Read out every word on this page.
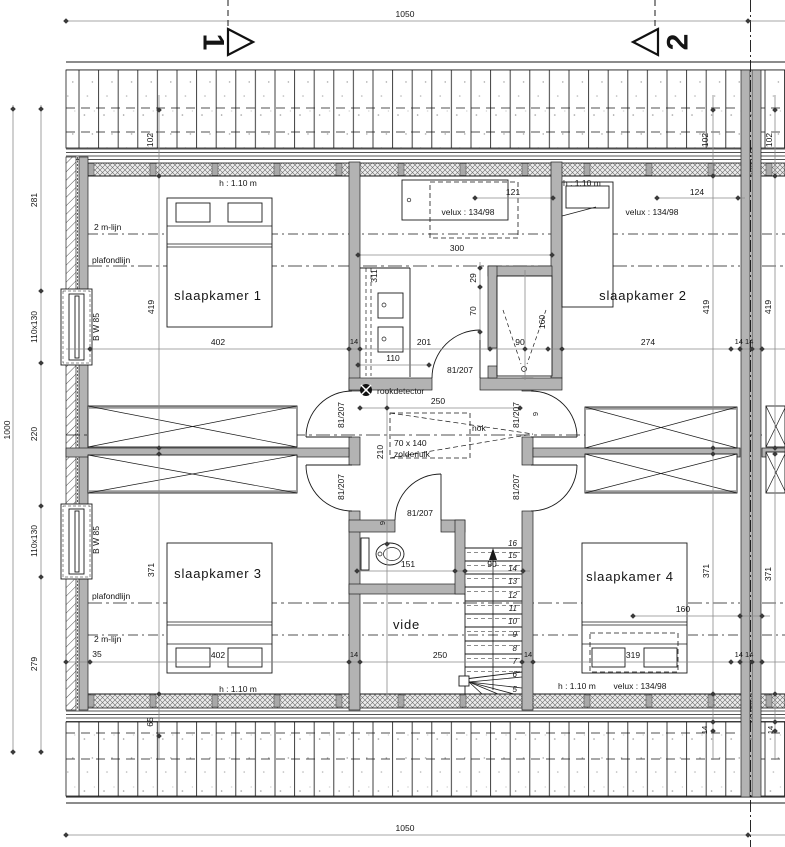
1	2
1050
1050
1000
281
110x130
220
110x130
279
102	102	102
65
14	14
h : 1.10 m	h : 1.10 m
h : 1.10 m	h : 1.10 m
velux : 134/98	velux : 134/98
velux : 134/98
121	124
2 m-lijn
plafondlijn
plafondlijn
2 m-lijn
nok
slaapkamer 1	slaapkamer 2
slaapkamer 3	slaapkamer 4
vide
419
402
419	419
274
371
402
35
371	371
319
160
311
300
29
70
201
110
90
160
rookdetector
250
70 x 140
zolderluik
210
81/207
81/207	81/207
81/207	81/207
81/207
9
9
B W 85
B W 85
151	90
250
14	14 14
14	14	14 14
16
15
14
13
12
11
10
9
8
7
6
5
